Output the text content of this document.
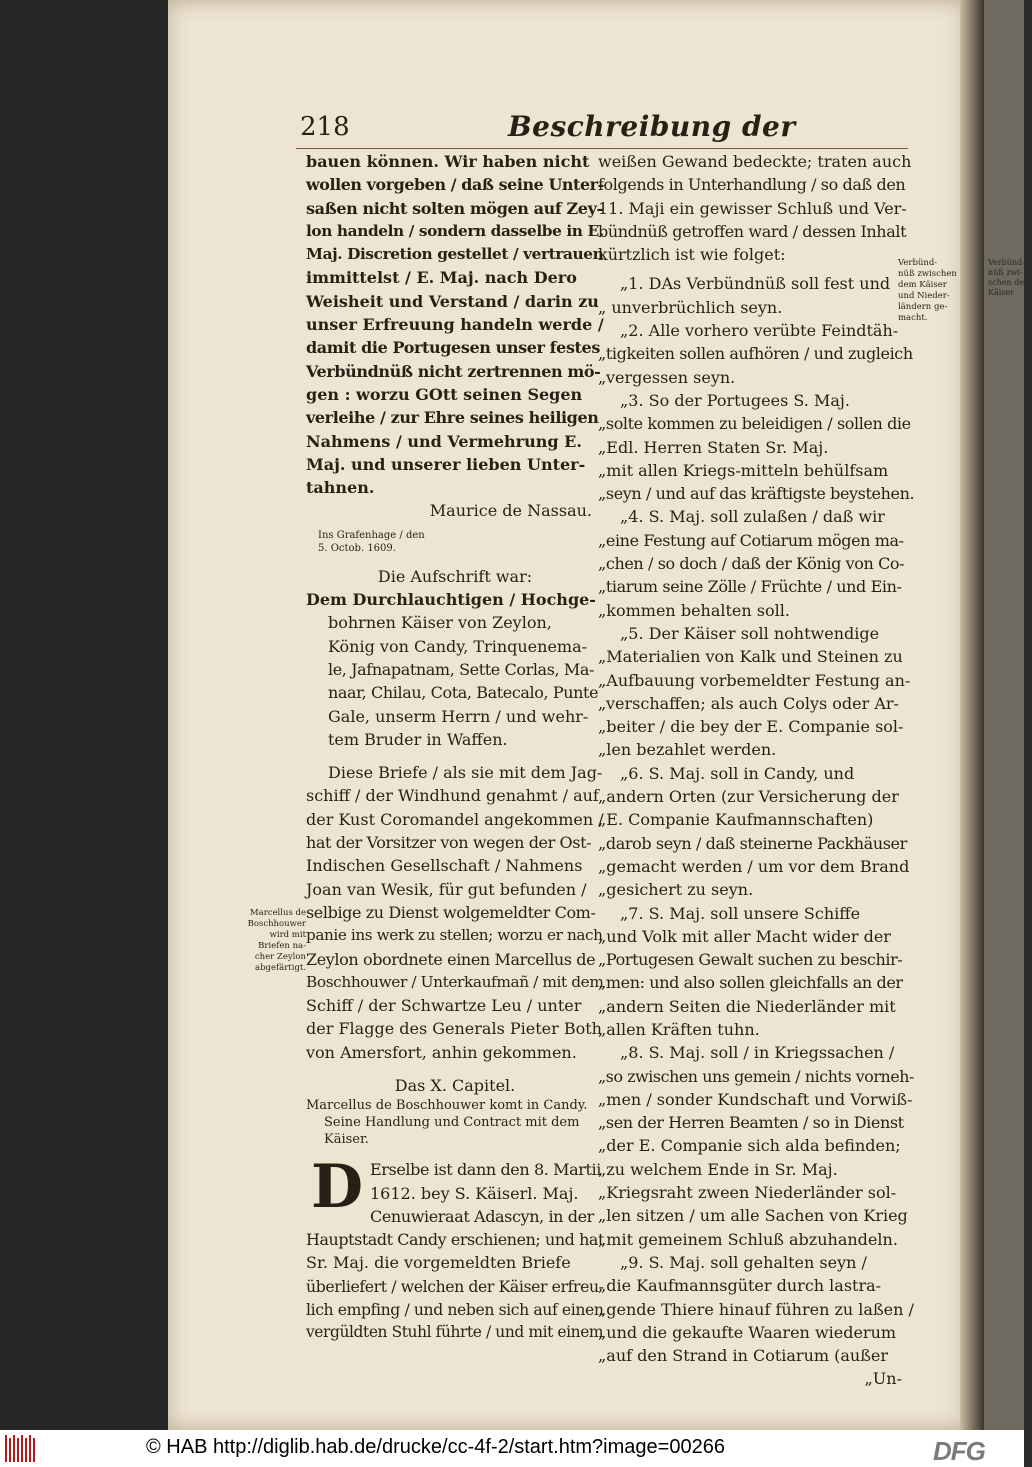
Verbünd-
nüß zwi-
schen dem
Käiser
218	Beschreibung der
bauen können. Wir haben nicht
wollen vorgeben / daß seine Unter-
saßen nicht solten mögen auf Zey-
lon handeln / sondern dasselbe in E.
Maj. Discretion gestellet / vertrauen
immittelst / E. Maj. nach Dero
Weisheit und Verstand / darin zu
unser Erfreuung handeln werde /
damit die Portugesen unser festes
Verbündnüß nicht zertrennen mö-
gen : worzu GOtt seinen Segen
verleihe / zur Ehre seines heiligen
Nahmens / und Vermehrung E.
Maj. und unserer lieben Unter-
tahnen.
Maurice de Nassau.
Ins Grafenhage / den
5. Octob. 1609.
Die Aufschrift war:
Dem Durchlauchtigen / Hochge-
bohrnen Käiser von Zeylon,
König von Candy, Trinquenema-
le, Jafnapatnam, Sette Corlas, Ma-
naar, Chilau, Cota, Batecalo, Punte
Gale, unserm Herrn / und wehr-
tem Bruder in Waffen.
Diese Briefe / als sie mit dem Jag-
schiff / der Windhund genahmt / auf
der Kust Coromandel angekommen /
hat der Vorsitzer von wegen der Ost-
Indischen Gesellschaft / Nahmens
Joan van Wesik, für gut befunden /
selbige zu Dienst wolgemeldter Com-
panie ins werk zu stellen; worzu er nach
Zeylon obordnete einen Marcellus de
Boschhouwer / Unterkaufmañ / mit dem
Schiff / der Schwartze Leu / unter
der Flagge des Generals Pieter Both
von Amersfort, anhin gekommen.
Das X. Capitel.
Marcellus de Boschhouwer komt in Candy.
Seine Handlung und Contract mit dem
Käiser.
D Erselbe ist dann den 8. Martii
1612. bey S. Käiserl. Maj.
Cenuwieraat Adascyn, in der
Hauptstadt Candy erschienen; und hat
Sr. Maj. die vorgemeldten Briefe
überliefert / welchen der Käiser erfreu-
lich empfing / und neben sich auf einen
vergüldten Stuhl führte / und mit einem
Marcellus de
Boschhouwer
wird mit
Briefen na-
cher Zeylon
abgefärtigt.
weißen Gewand bedeckte; traten auch
folgends in Unterhandlung / so daß den
11. Maji ein gewisser Schluß und Ver-
bündnüß getroffen ward / dessen Inhalt
kürtzlich ist wie folget:
„1. DAs Verbündnüß soll fest und
„ unverbrüchlich seyn.
„2. Alle vorhero verübte Feindtäh-
„tigkeiten sollen aufhören / und zugleich
„vergessen seyn.
„3. So der Portugees S. Maj.
„solte kommen zu beleidigen / sollen die
„Edl. Herren Staten Sr. Maj.
„mit allen Kriegs-mitteln behülfsam
„seyn / und auf das kräftigste beystehen.
„4. S. Maj. soll zulaßen / daß wir
„eine Festung auf Cotiarum mögen ma-
„chen / so doch / daß der König von Co-
„tiarum seine Zölle / Früchte / und Ein-
„kommen behalten soll.
„5. Der Käiser soll nohtwendige
„Materialien von Kalk und Steinen zu
„Aufbauung vorbemeldter Festung an-
„verschaffen; als auch Colys oder Ar-
„beiter / die bey der E. Companie sol-
„len bezahlet werden.
„6. S. Maj. soll in Candy, und
„andern Orten (zur Versicherung der
„E. Companie Kaufmannschaften)
„darob seyn / daß steinerne Packhäuser
„gemacht werden / um vor dem Brand
„gesichert zu seyn.
„7. S. Maj. soll unsere Schiffe
„und Volk mit aller Macht wider der
„Portugesen Gewalt suchen zu beschir-
„men: und also sollen gleichfalls an der
„andern Seiten die Niederländer mit
„allen Kräften tuhn.
„8. S. Maj. soll / in Kriegssachen /
„so zwischen uns gemein / nichts vorneh-
„men / sonder Kundschaft und Vorwiß-
„sen der Herren Beamten / so in Dienst
„der E. Companie sich alda befinden;
„zu welchem Ende in Sr. Maj.
„Kriegsraht zween Niederländer sol-
„len sitzen / um alle Sachen von Krieg
„mit gemeinem Schluß abzuhandeln.
„9. S. Maj. soll gehalten seyn /
„die Kaufmannsgüter durch lastra-
„gende Thiere hinauf führen zu laßen /
„und die gekaufte Waaren wiederum
„auf den Strand in Cotiarum (außer
„Un-
Verbünd-
nüß zwischen
dem Käiser
und Nieder-
ländern ge-
macht.
© HAB http://diglib.hab.de/drucke/cc-4f-2/start.htm?image=00266	DFG
